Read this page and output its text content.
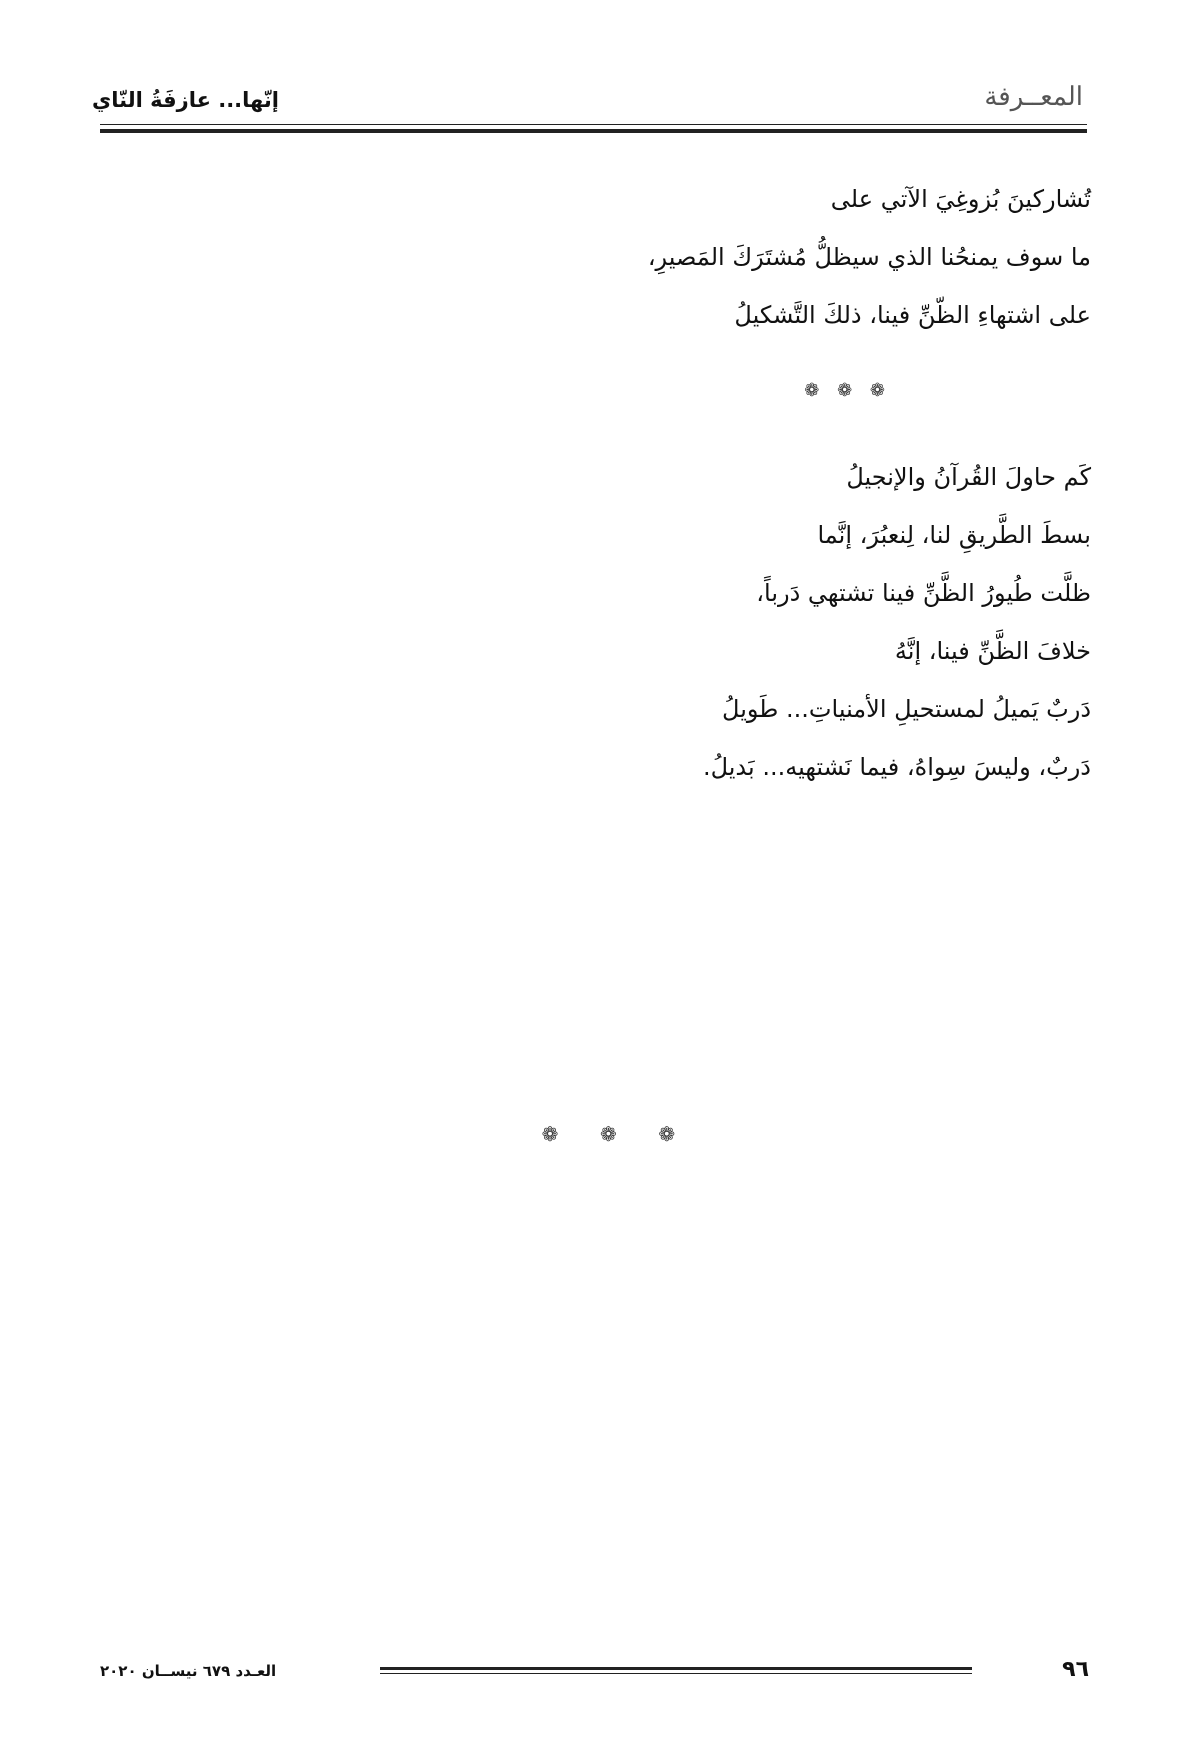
إنّها... عازفَةُ النّاي	المعــرفة
تُشاركينَ بُزوغِيَ الآتي على
ما سوف يمنحُنا الذي سيظلُّ مُشتَرَكَ المَصيرِ،
على اشتهاءِ الظّنِّ فينا، ذلكَ التَّشكيلُ
❁ ❁ ❁
كَم حاولَ القُرآنُ والإنجيلُ
بسطَ الطَّريقِ لنا، لِنعبُرَ، إنَّما
ظلَّت طُيورُ الظَّنِّ فينا تشتهي دَرباً،
خلافَ الظَّنِّ فينا، إنَّهُ
دَربٌ يَميلُ لمستحيلِ الأمنياتِ... طَويلُ
دَربٌ، وليسَ سِواهُ، فيما نَشتهيه... بَديلُ.
❁ ❁ ❁
٩٦
العـدد ٦٧٩ نيســان ٢٠٢٠
